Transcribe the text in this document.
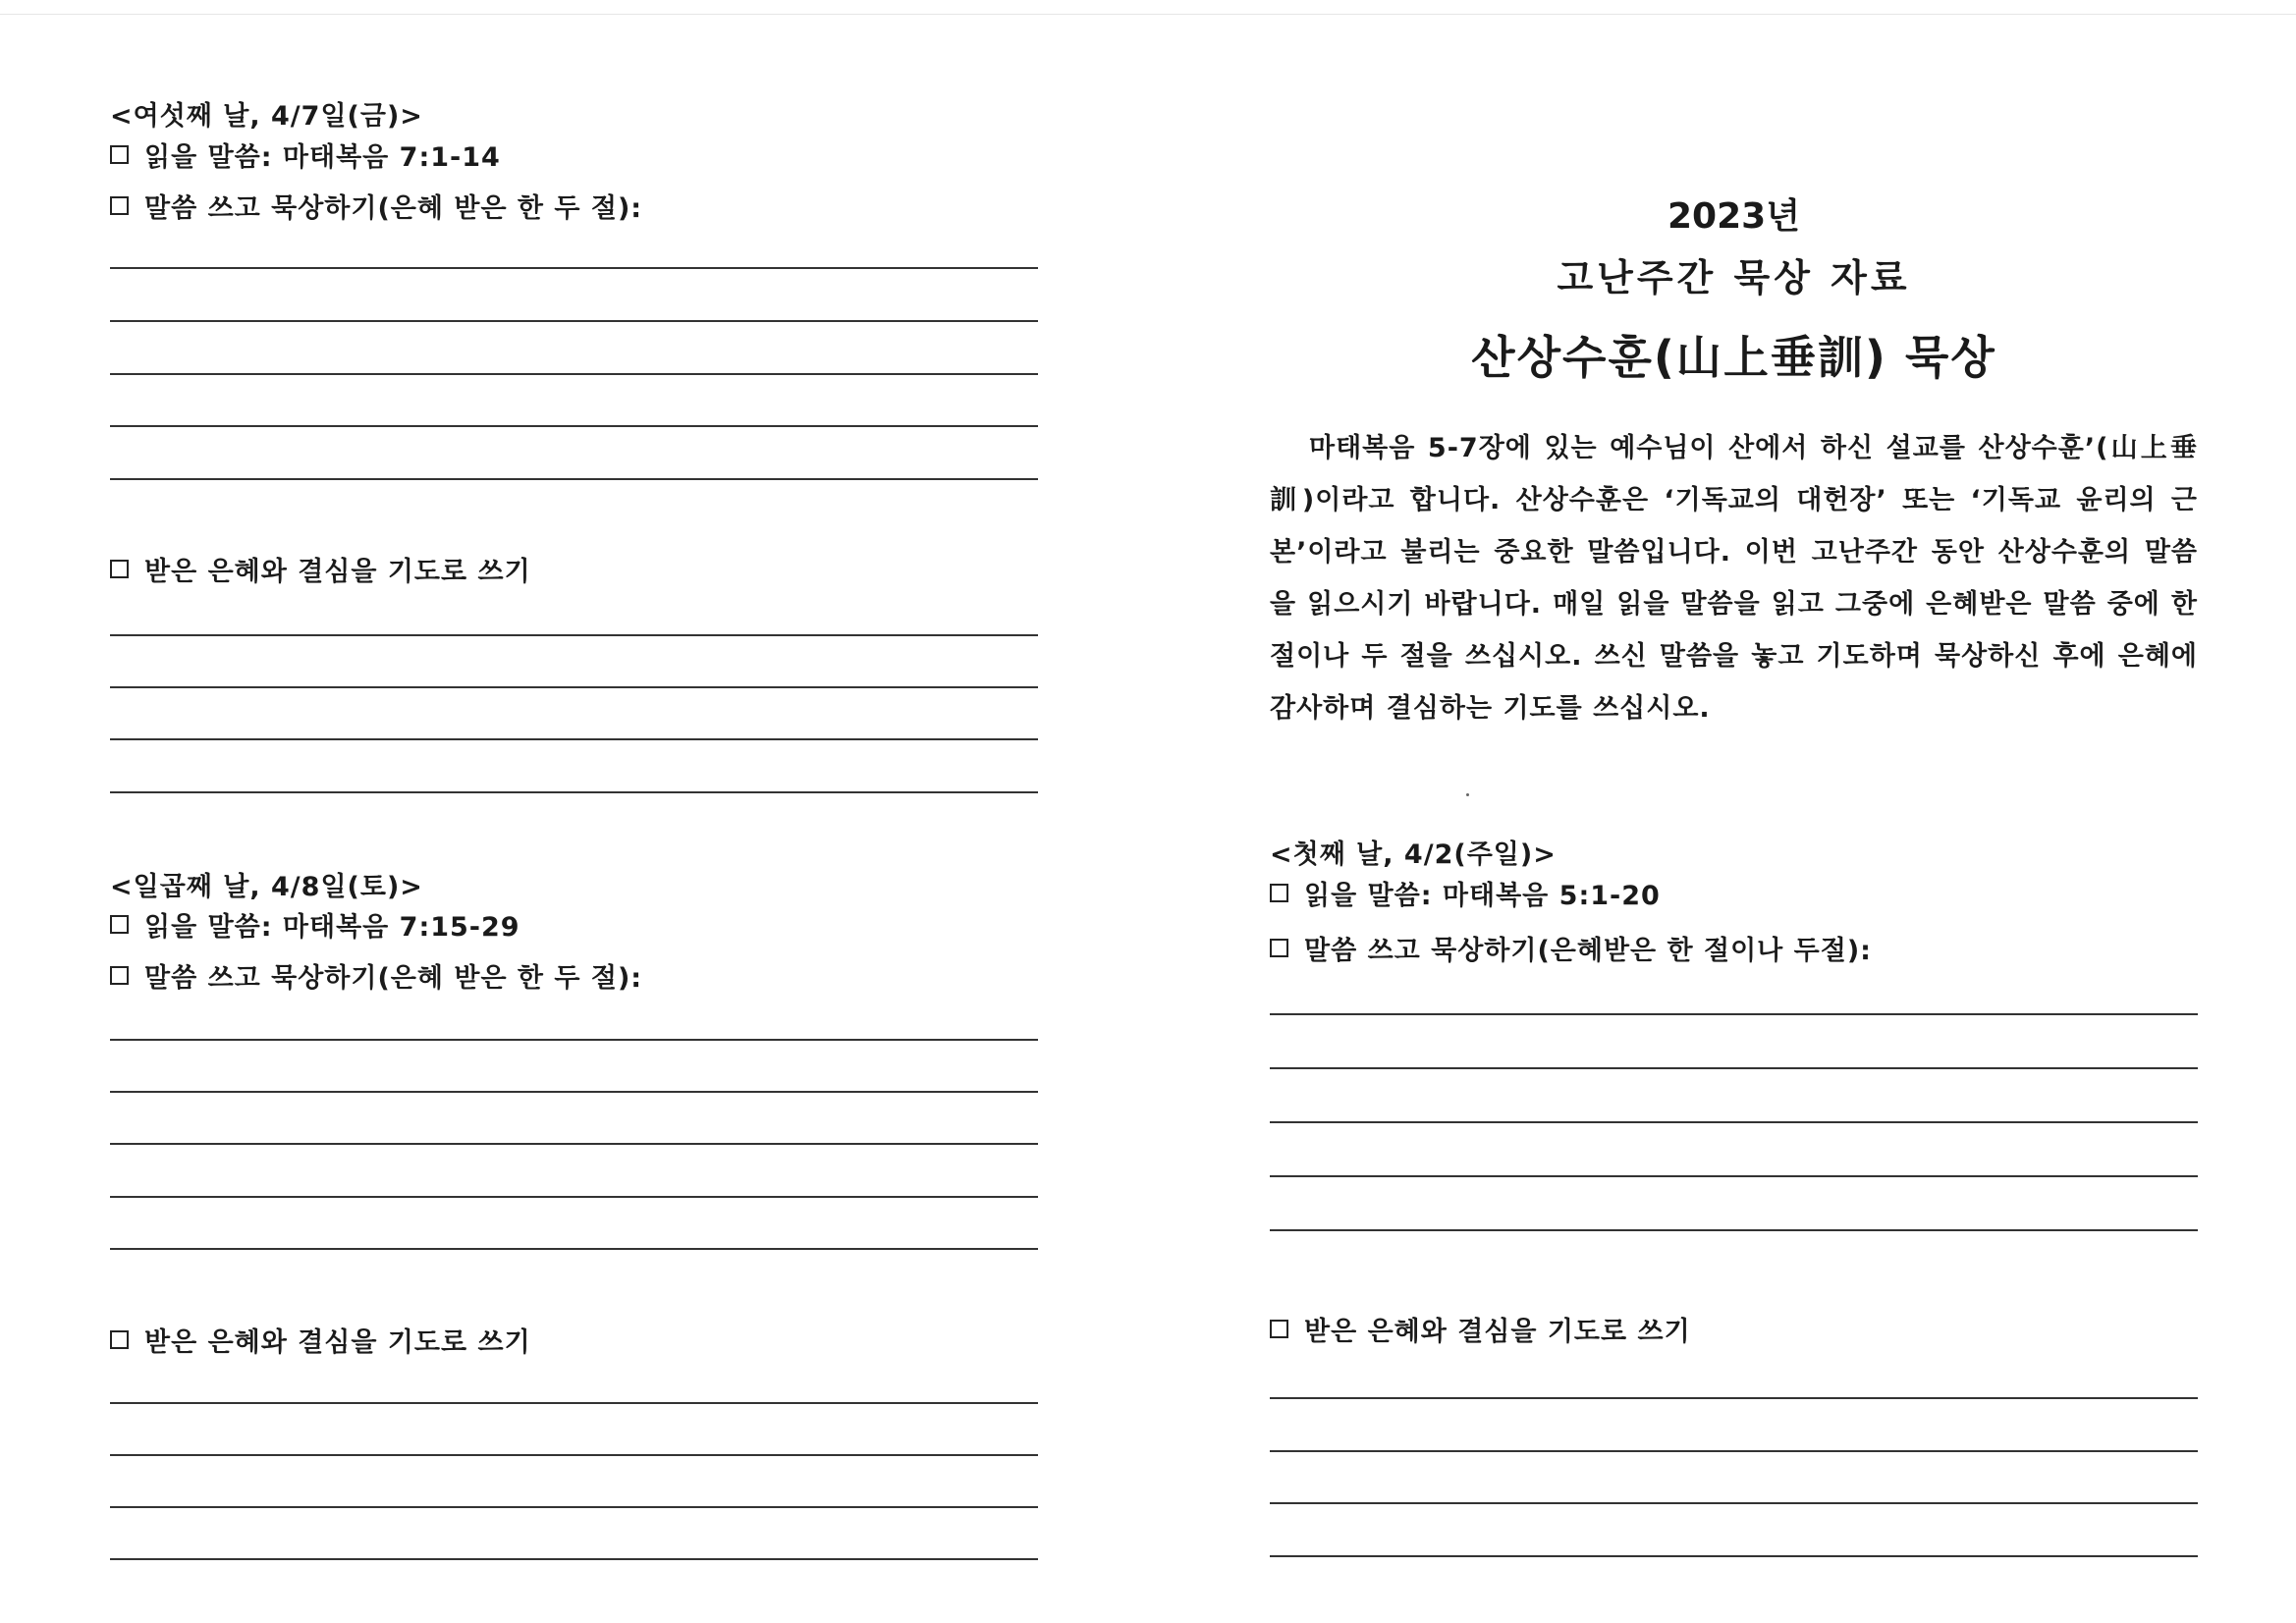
<여섯째 날, 4/7일(금)>
읽을 말씀: 마태복음 7:1-14
말씀 쓰고 묵상하기(은혜 받은 한 두 절):
받은 은혜와 결심을 기도로 쓰기
<일곱째 날, 4/8일(토)>
읽을 말씀: 마태복음 7:15-29
말씀 쓰고 묵상하기(은혜 받은 한 두 절):
받은 은혜와 결심을 기도로 쓰기
2023년
고난주간 묵상 자료
산상수훈(山上垂訓) 묵상

마태복음 5-7장에 있는 예수님이 산에서 하신 설교를 산상수훈’(山上垂訓)이라고 합니다. 산상수훈은 ‘기독교의 대헌장’ 또는 ‘기독교 윤리의 근본’이라고 불리는 중요한 말씀입니다. 이번 고난주간 동안 산상수훈의 말씀을 읽으시기 바랍니다. 매일 읽을 말씀을 읽고 그중에 은혜받은 말씀 중에 한 절이나 두 절을 쓰십시오. 쓰신 말씀을 놓고 기도하며 묵상하신 후에 은혜에 감사하며 결심하는 기도를 쓰십시오.

<첫째 날, 4/2(주일)>
읽을 말씀: 마태복음 5:1-20
말씀 쓰고 묵상하기(은혜받은 한 절이나 두절):
받은 은혜와 결심을 기도로 쓰기
